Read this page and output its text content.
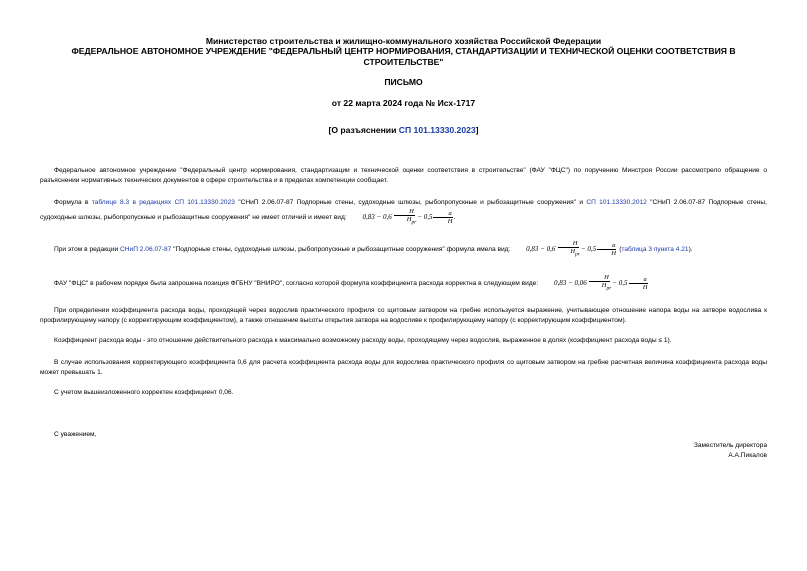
Министерство строительства и жилищно-коммунального хозяйства Российской Федерации
ФЕДЕРАЛЬНОЕ АВТОНОМНОЕ УЧРЕЖДЕНИЕ "ФЕДЕРАЛЬНЫЙ ЦЕНТР НОРМИРОВАНИЯ, СТАНДАРТИЗАЦИИ И ТЕХНИЧЕСКОЙ ОЦЕНКИ СООТВЕТСТВИЯ В СТРОИТЕЛЬСТВЕ"
ПИСЬМО
от 22 марта 2024 года № Исх-1717
[О разъяснении СП 101.13330.2023]
Федеральное автономное учреждение "Федеральный центр нормирования, стандартизации и технической оценки соответствия в строительстве" (ФАУ "ФЦС") по поручению Минстроя России рассмотрело обращение о разъяснении нормативных технических документов в сфере строительства и в пределах компетенции сообщает.
Формула в таблице 8.3 в редакциях СП 101.13330.2023 "СНиП 2.06.07-87 Подпорные стены, судоходные шлюзы, рыбопропускные и рыбозащитные сооружения" и СП 101.13330.2012 "СНиП 2.06.07-87 Подпорные стены, судоходные шлюзы, рыбопропускные и рыбозащитные сооружения" не имеет отличий и имеет вид: $0,83 - 0,6 \frac{H}{H_{pr}} - 0,5 \frac{a}{H}$ .
При этом в редакции СНиП 2.06.07-87 "Подпорные стены, судоходные шлюзы, рыбопропускные и рыбозащитные сооружения" формула имела вид: $0,83 - 0,6 \frac{H}{H_{pr}} - 0,5 \frac{a}{H}$ (таблица 3 пункта 4.21).
ФАУ "ФЦС" в рабочем порядке была запрошена позиция ФГБНУ "ВНИРО", согласно которой формула коэффициента расхода корректна в следующем виде: $0,83 - 0,06 \frac{H}{H_{pr}} - 0,5 \frac{a}{H}$
При определении коэффициента расхода воды, проходящей через водослив практического профиля со щитовым затвором на гребне используется выражение, учитывающее отношение напора воды на затворе водослива к профилирующему напору (с корректирующим коэффициентом), а также отношение высоты открытия затвора на водосливе к профилирующему напору (с корректирующим коэффициентом).
Коэффициент расхода воды - это отношение действительного расхода к максимально возможному расходу воды, проходящему через водослив, выраженное в долях (коэффициент расхода воды ≤ 1).
В случае использования корректирующего коэффициента 0,6 для расчета коэффициента расхода воды для водослива практического профиля со щитовым затвором на гребне расчетная величина коэффициента расхода воды может превышать 1.
С учетом вышеизложенного корректен коэффициент 0,06.
С уважением,
Заместитель директора
А.А.Пикалов
